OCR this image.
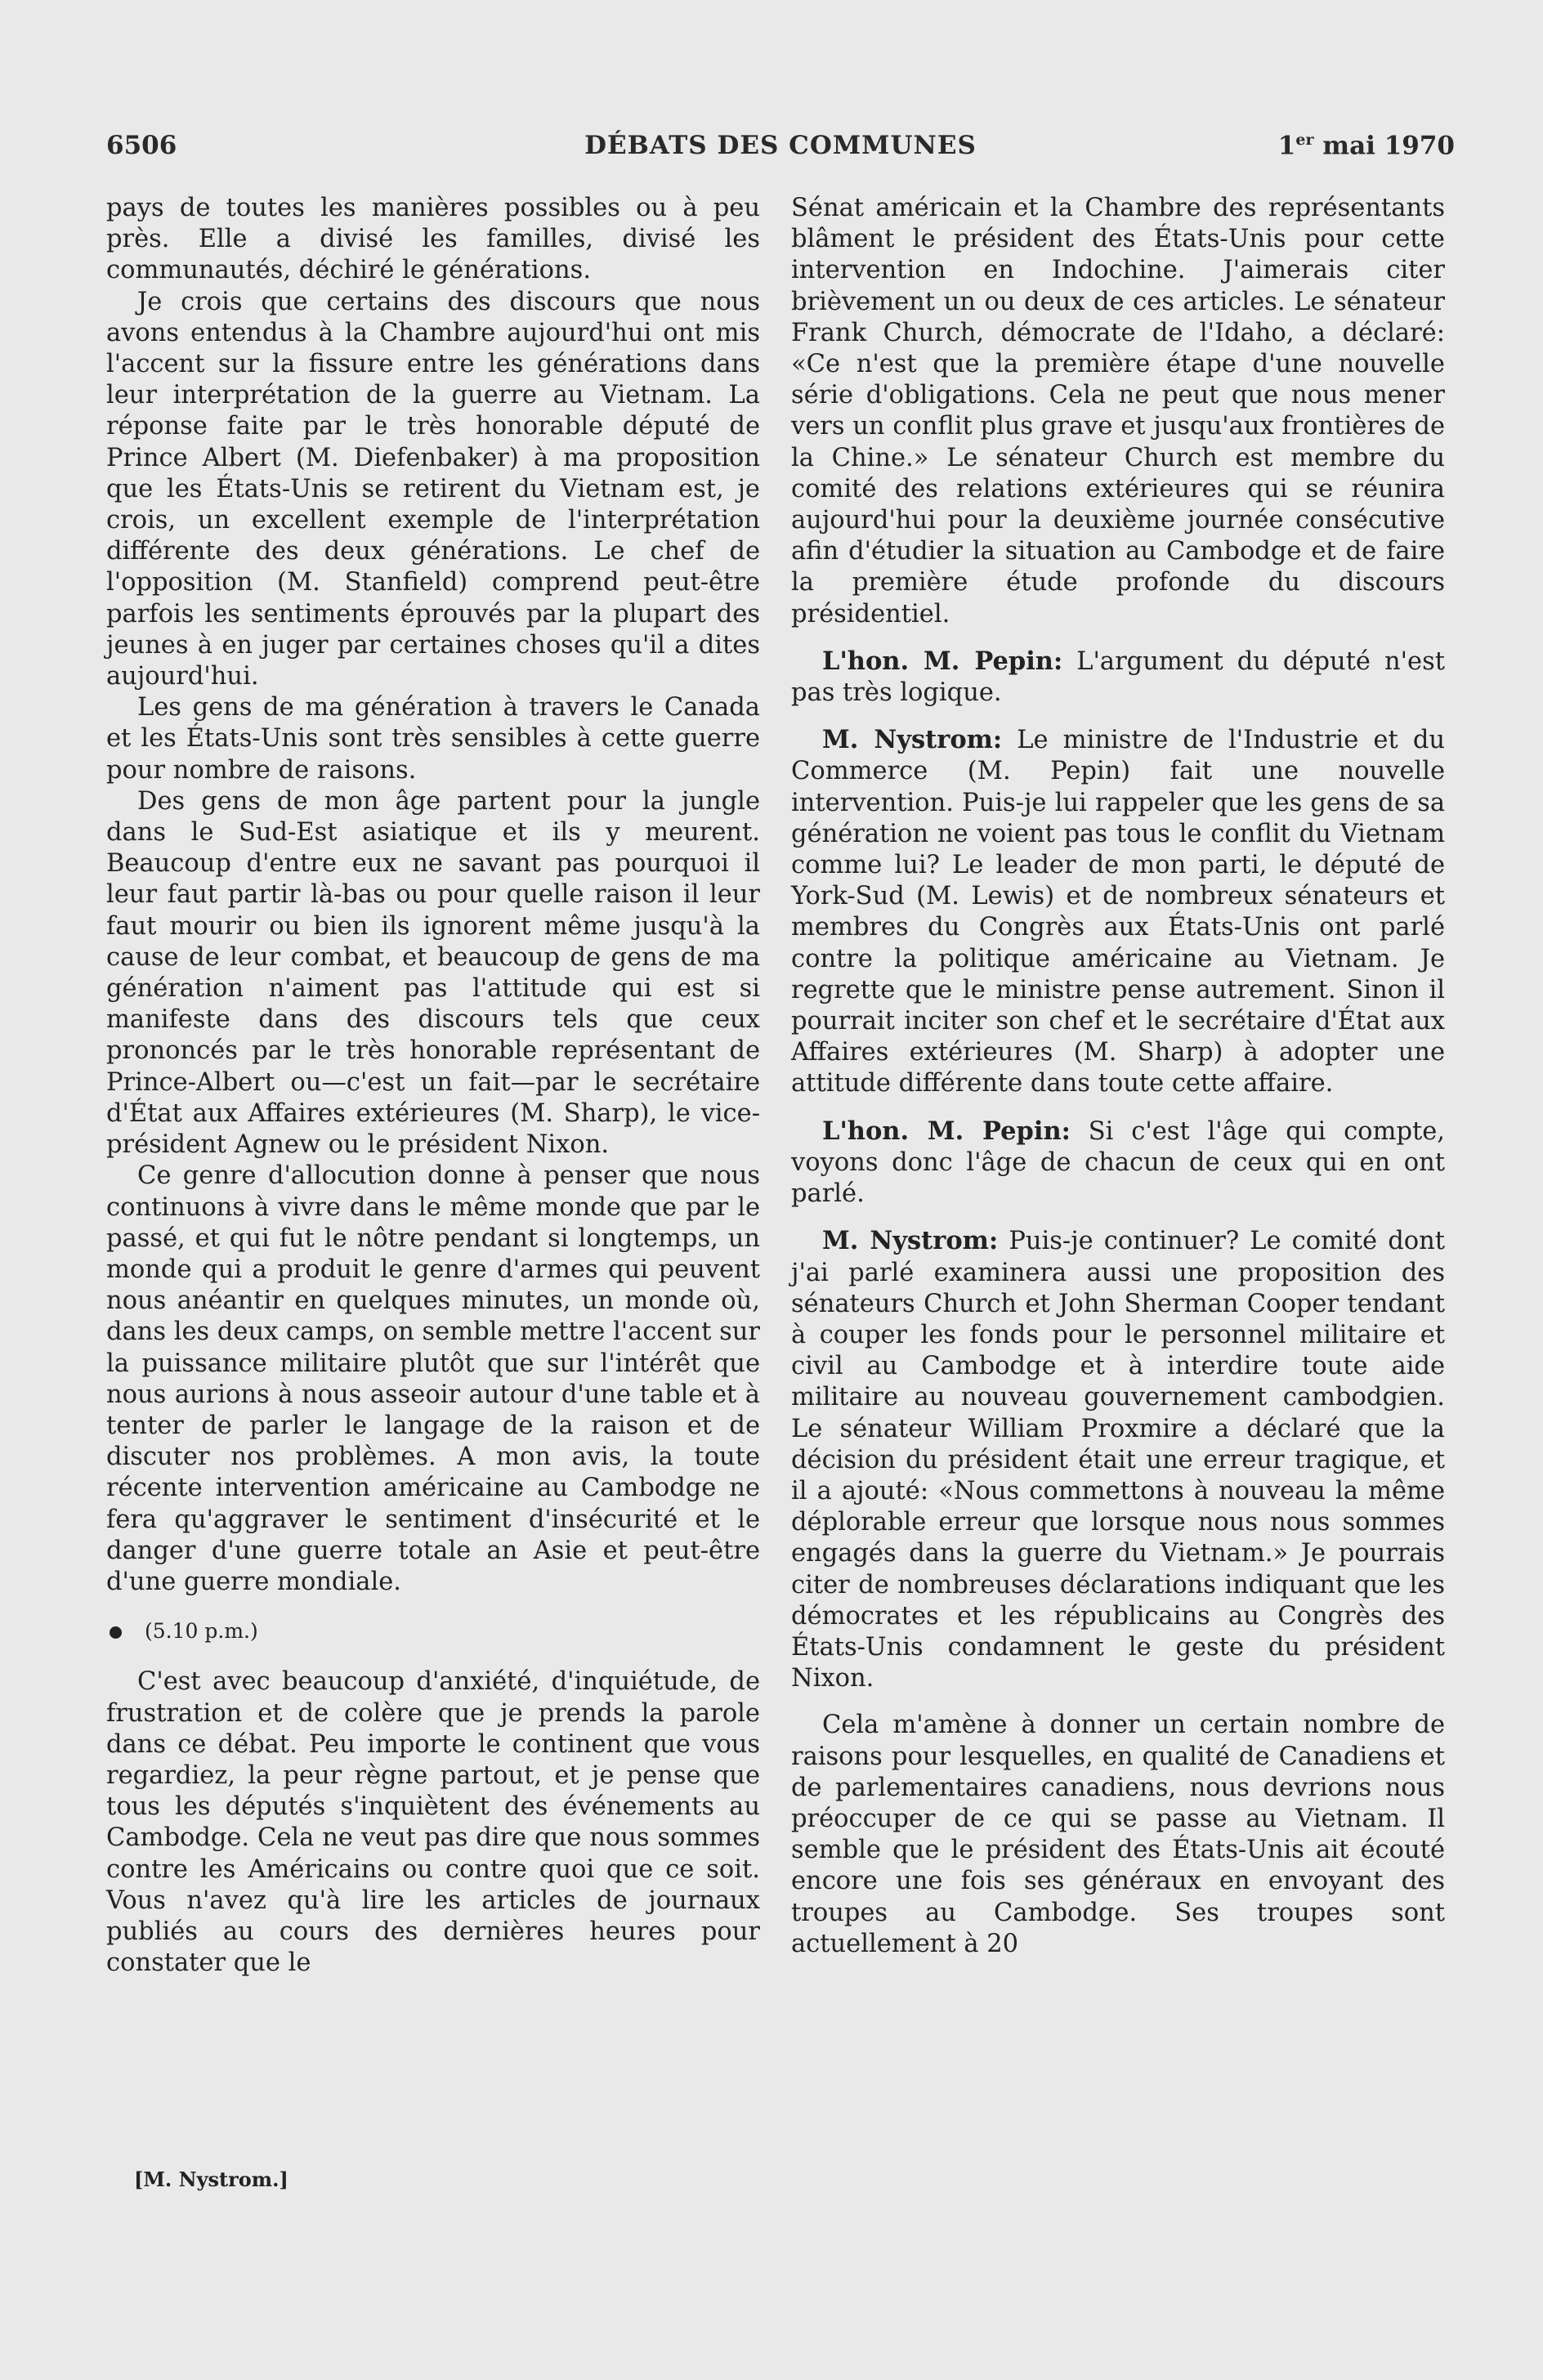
6506	DÉBATS DES COMMUNES	1er mai 1970

pays de toutes les manières possibles ou à peu près. Elle a divisé les familles, divisé les communautés, déchiré le générations.

Je crois que certains des discours que nous avons entendus à la Chambre aujourd'hui ont mis l'accent sur la fissure entre les générations dans leur interprétation de la guerre au Vietnam. La réponse faite par le très honorable député de Prince Albert (M. Diefenbaker) à ma proposition que les États-Unis se retirent du Vietnam est, je crois, un excellent exemple de l'interprétation différente des deux générations. Le chef de l'opposition (M. Stanfield) comprend peut-être parfois les sentiments éprouvés par la plupart des jeunes à en juger par certaines choses qu'il a dites aujourd'hui.

Les gens de ma génération à travers le Canada et les États-Unis sont très sensibles à cette guerre pour nombre de raisons.

Des gens de mon âge partent pour la jungle dans le Sud-Est asiatique et ils y meurent. Beaucoup d'entre eux ne savant pas pourquoi il leur faut partir là-bas ou pour quelle raison il leur faut mourir ou bien ils ignorent même jusqu'à la cause de leur combat, et beaucoup de gens de ma génération n'aiment pas l'attitude qui est si manifeste dans des discours tels que ceux prononcés par le très honorable représentant de Prince-Albert ou—c'est un fait—par le secrétaire d'État aux Affaires extérieures (M. Sharp), le vice-président Agnew ou le président Nixon.

Ce genre d'allocution donne à penser que nous continuons à vivre dans le même monde que par le passé, et qui fut le nôtre pendant si longtemps, un monde qui a produit le genre d'armes qui peuvent nous anéantir en quelques minutes, un monde où, dans les deux camps, on semble mettre l'accent sur la puissance militaire plutôt que sur l'intérêt que nous aurions à nous asseoir autour d'une table et à tenter de parler le langage de la raison et de discuter nos problèmes. A mon avis, la toute récente intervention américaine au Cambodge ne fera qu'aggraver le sentiment d'insécurité et le danger d'une guerre totale an Asie et peut-être d'une guerre mondiale.

(5.10 p.m.)

C'est avec beaucoup d'anxiété, d'inquiétude, de frustration et de colère que je prends la parole dans ce débat. Peu importe le continent que vous regardiez, la peur règne partout, et je pense que tous les députés s'inquiètent des événements au Cambodge. Cela ne veut pas dire que nous sommes contre les Américains ou contre quoi que ce soit. Vous n'avez qu'à lire les articles de journaux publiés au cours des dernières heures pour constater que le

[M. Nystrom.]

Sénat américain et la Chambre des représentants blâment le président des États-Unis pour cette intervention en Indochine. J'aimerais citer brièvement un ou deux de ces articles. Le sénateur Frank Church, démocrate de l'Idaho, a déclaré: «Ce n'est que la première étape d'une nouvelle série d'obligations. Cela ne peut que nous mener vers un conflit plus grave et jusqu'aux frontières de la Chine.» Le sénateur Church est membre du comité des relations extérieures qui se réunira aujourd'hui pour la deuxième journée consécutive afin d'étudier la situation au Cambodge et de faire la première étude profonde du discours présidentiel.

L'hon. M. Pepin: L'argument du député n'est pas très logique.

M. Nystrom: Le ministre de l'Industrie et du Commerce (M. Pepin) fait une nouvelle intervention. Puis-je lui rappeler que les gens de sa génération ne voient pas tous le conflit du Vietnam comme lui? Le leader de mon parti, le député de York-Sud (M. Lewis) et de nombreux sénateurs et membres du Congrès aux États-Unis ont parlé contre la politique américaine au Vietnam. Je regrette que le ministre pense autrement. Sinon il pourrait inciter son chef et le secrétaire d'État aux Affaires extérieures (M. Sharp) à adopter une attitude différente dans toute cette affaire.

L'hon. M. Pepin: Si c'est l'âge qui compte, voyons donc l'âge de chacun de ceux qui en ont parlé.

M. Nystrom: Puis-je continuer? Le comité dont j'ai parlé examinera aussi une proposition des sénateurs Church et John Sherman Cooper tendant à couper les fonds pour le personnel militaire et civil au Cambodge et à interdire toute aide militaire au nouveau gouvernement cambodgien. Le sénateur William Proxmire a déclaré que la décision du président était une erreur tragique, et il a ajouté: «Nous commettons à nouveau la même déplorable erreur que lorsque nous nous sommes engagés dans la guerre du Vietnam.» Je pourrais citer de nombreuses déclarations indiquant que les démocrates et les républicains au Congrès des États-Unis condamnent le geste du président Nixon.

Cela m'amène à donner un certain nombre de raisons pour lesquelles, en qualité de Canadiens et de parlementaires canadiens, nous devrions nous préoccuper de ce qui se passe au Vietnam. Il semble que le président des États-Unis ait écouté encore une fois ses généraux en envoyant des troupes au Cambodge. Ses troupes sont actuellement à 20
